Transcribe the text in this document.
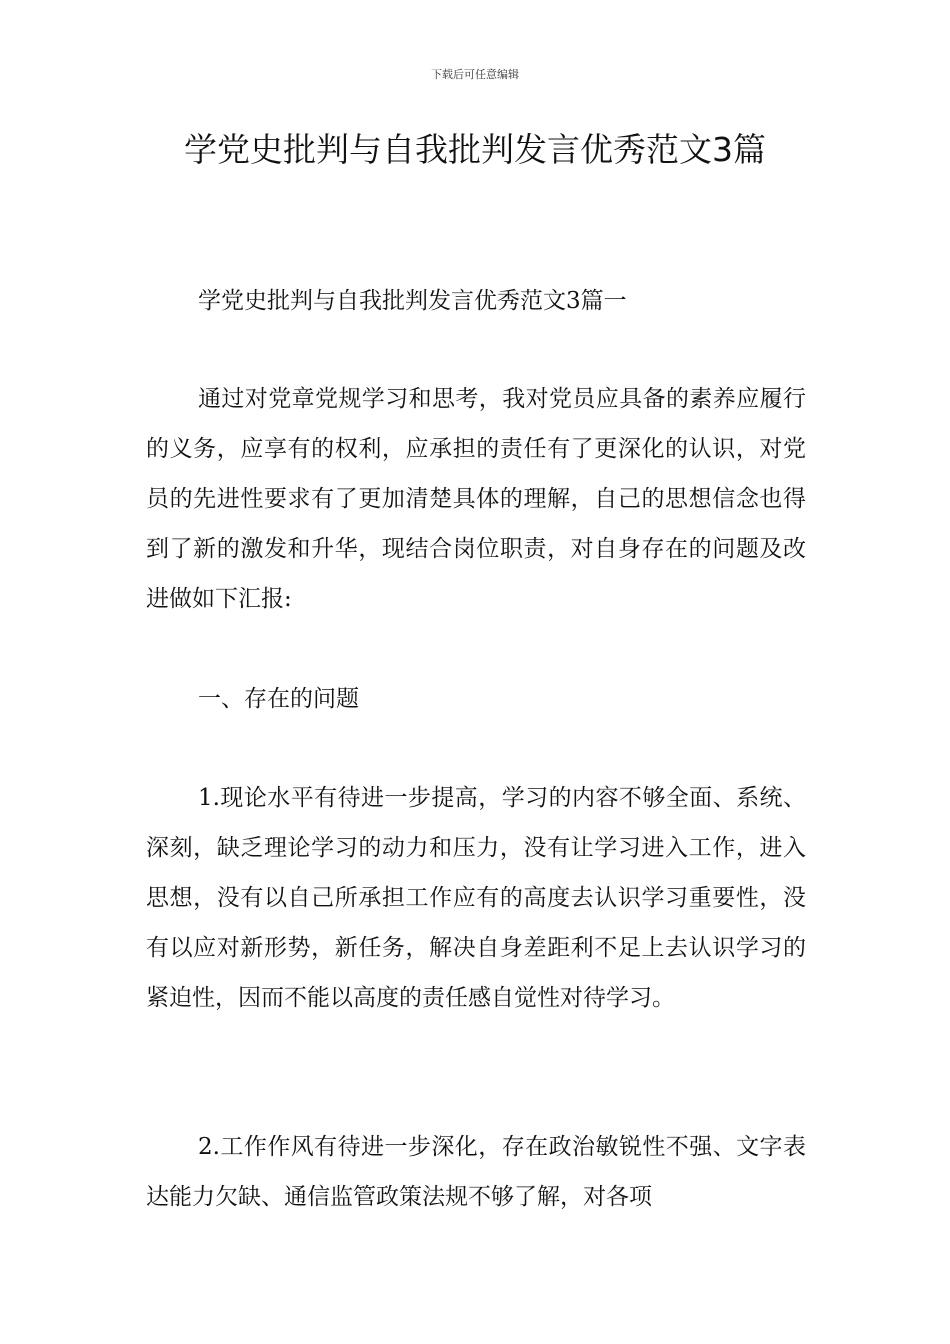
下载后可任意编辑
学党史批判与自我批判发言优秀范文3篇

学党史批判与自我批判发言优秀范文3篇一

通过对党章党规学习和思考，我对党员应具备的素养应履行的义务，应享有的权利，应承担的责任有了更深化的认识，对党员的先进性要求有了更加清楚具体的理解，自己的思想信念也得到了新的激发和升华，现结合岗位职责，对自身存在的问题及改进做如下汇报:

一、存在的问题

1.现论水平有待进一步提高，学习的内容不够全面、系统、深刻，缺乏理论学习的动力和压力，没有让学习进入工作，进入思想，没有以自己所承担工作应有的高度去认识学习重要性，没有以应对新形势，新任务，解决自身差距利不足上去认识学习的紧迫性，因而不能以高度的责任感自觉性对待学习。

2.工作作风有待进一步深化，存在政治敏锐性不强、文字表达能力欠缺、通信监管政策法规不够了解，对各项
